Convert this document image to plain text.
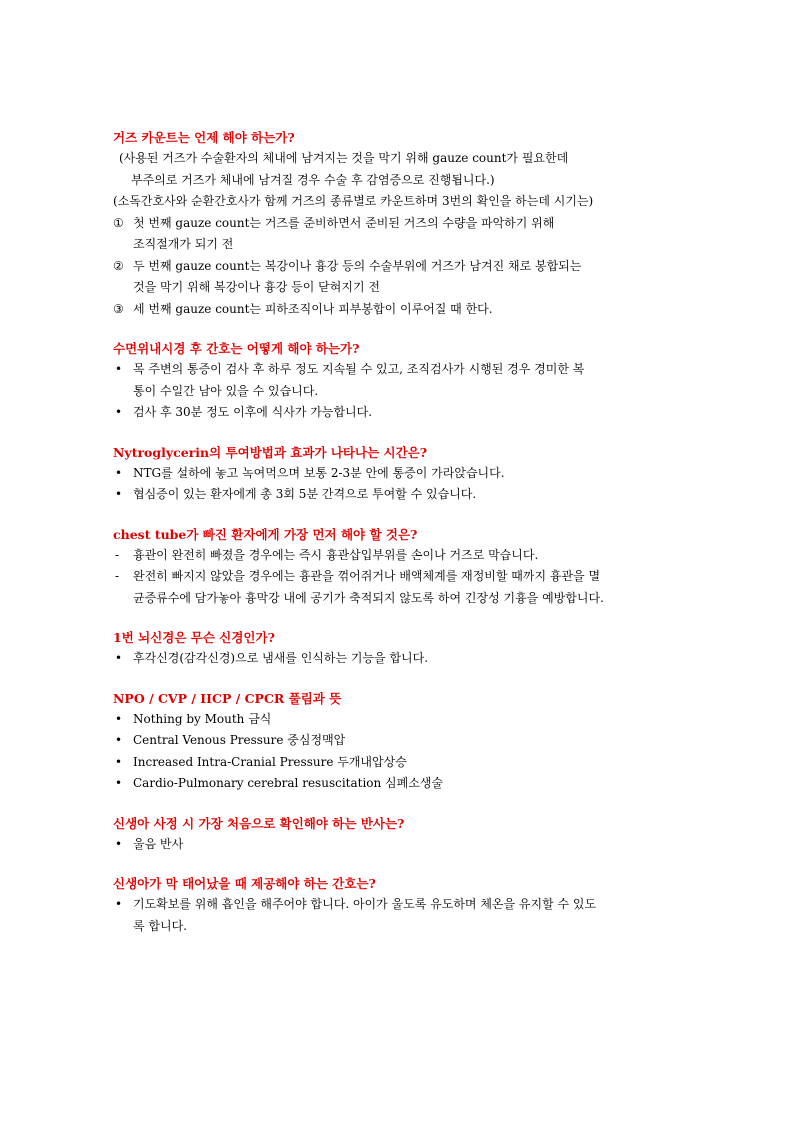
거즈 카운트는 언제 해야 하는가?

(사용된 거즈가 수술환자의 체내에 남겨지는 것을 막기 위해 gauze count가 필요한데

부주의로 거즈가 체내에 남겨질 경우 수술 후 감염증으로 진행됩니다.)

(소독간호사와 순환간호사가 함께 거즈의 종류별로 카운트하며 3번의 확인을 하는데 시기는)

① 첫 번째 gauze count는 거즈를 준비하면서 준비된 거즈의 수량을 파악하기 위해
조직절개가 되기 전
② 두 번째 gauze count는 복강이나 흉강 등의 수술부위에 거즈가 남겨진 채로 봉합되는
것을 막기 위해 복강이나 흉강 등이 닫혀지기 전
③ 세 번째 gauze count는 피하조직이나 피부봉합이 이루어질 때 한다.

수면위내시경 후 간호는 어떻게 해야 하는가?

• 목 주변의 통증이 검사 후 하루 정도 지속될 수 있고, 조직검사가 시행된 경우 경미한 복
통이 수일간 남아 있을 수 있습니다.
• 검사 후 30분 정도 이후에 식사가 가능합니다.

Nytroglycerin의 투여방법과 효과가 나타나는 시간은?

• NTG를 설하에 놓고 녹여먹으며 보통 2-3분 안에 통증이 가라앉습니다.
• 협심증이 있는 환자에게 총 3회 5분 간격으로 투여할 수 있습니다.

chest tube가 빠진 환자에게 가장 먼저 해야 할 것은?

- 흉관이 완전히 빠졌을 경우에는 즉시 흉관삽입부위를 손이나 거즈로 막습니다.
- 완전히 빠지지 않았을 경우에는 흉관을 꺾어쥐거나 배액체계를 재정비할 때까지 흉관을 멸
균증류수에 담가놓아 흉막강 내에 공기가 축적되지 않도록 하여 긴장성 기흉을 예방합니다.

1번 뇌신경은 무슨 신경인가?

• 후각신경(감각신경)으로 냄새를 인식하는 기능을 합니다.

NPO / CVP / IICP / CPCR 풀림과 뜻

• Nothing by Mouth 금식
• Central Venous Pressure 중심정맥압
• Increased Intra-Cranial Pressure 두개내압상승
• Cardio-Pulmonary cerebral resuscitation 심폐소생술

신생아 사정 시 가장 처음으로 확인해야 하는 반사는?

• 울음 반사

신생아가 막 태어났을 때 제공해야 하는 간호는?

• 기도확보를 위해 흡인을 해주어야 합니다. 아이가 울도록 유도하며 체온을 유지할 수 있도
록 합니다.
